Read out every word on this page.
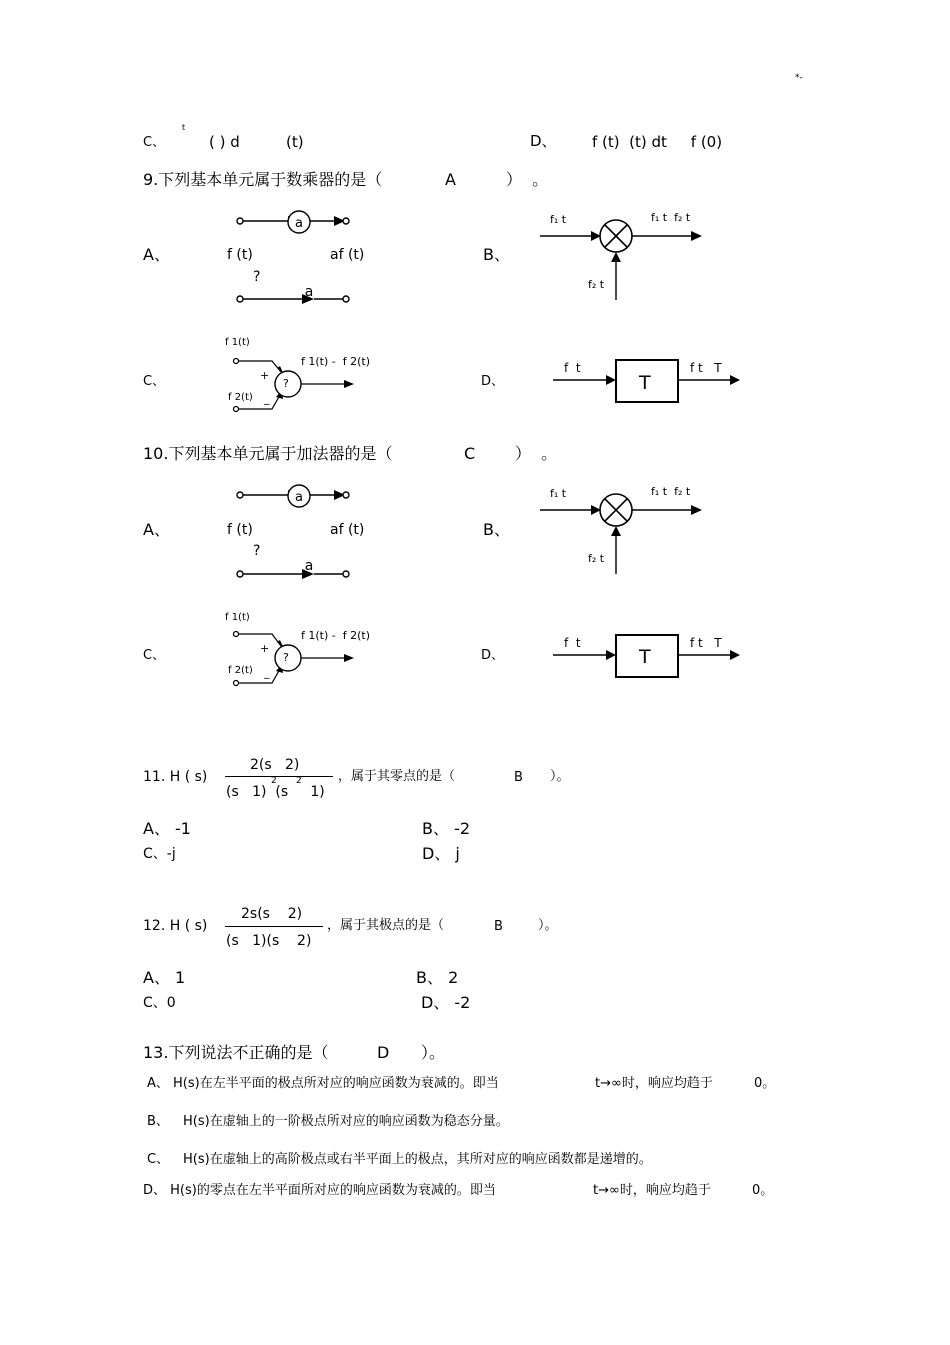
*-
C、
t
( ) d	(t)	D、 f (t)  (t) dt     f (0)
9.下列基本单元属于数乘器的是（	A	）  。
a
a
A、	f (t)	af (t)
?
B、
f₁ t	f₁ t  f₂ t
f₂ t
C、
f 1(t)
f 2(t)
+
_
?
f 1(t) -  f 2(t)
D、
f  t
T
f t   T
10.下列基本单元属于加法器的是（	C ）  。
a
a
A、	f (t)	af (t)
?
B、
f₁ t	f₁ t  f₂ t
f₂ t
C、
f 1(t)
f 2(t)
+
_
?
f 1(t) -  f 2(t)
D、
f  t
T
f t   T
11. H ( s)
2(s   2)
(s   1)  (s     1)
2 2	，属于其零点的是（	B ）。
A、 -1	B、 -2
C、-j	D、 j
12. H ( s)
2s(s    2)
(s   1)(s    2)
，属于其极点的是（	B	）。
A、 1	B、 2
C、0	D、 -2
13.下列说法不正确的是（	D ）。
A、 H(s)在左半平面的极点所对应的响应函数为衰减的。即当	t→∞时，响应均趋于	0。
B、 H(s)在虚轴上的一阶极点所对应的响应函数为稳态分量。
C、 H(s)在虚轴上的高阶极点或右半平面上的极点，其所对应的响应函数都是递增的。
D、 H(s)的零点在左半平面所对应的响应函数为衰减的。即当	t→∞时，响应均趋于	0。
